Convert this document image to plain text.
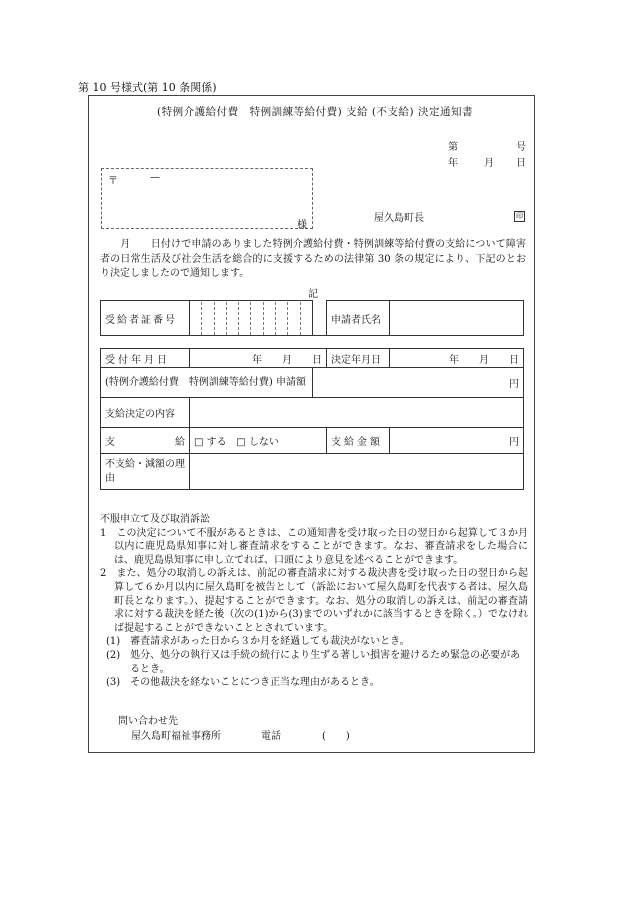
第 10 号様式(第 10 条関係)
(特例介護給付費　特例訓練等給付費) 支給 (不支給) 決定通知書
第	号
年	月 日
〒	—
様
屋久島町長	印
　　月　　日付けで申請のありました特例介護給付費・特例訓練等給付費の支給について障害者の日常生活及び社会生活を総合的に支援するための法律第 30 条の規定により、下記のとおり決定しましたので通知します。
記
受給者証番号			申請者氏名	

受付年月日	年　　月　　日		決定年月日	年　　月　　日
(特例介護給付費　特例訓練等給付費) 申請額		円		
支給決定の内容				
支 給	□ する □ しない		支給金額	円
不支給・減額の理由				
不服申立て及び取消訴訟
1　この決定について不服があるときは、この通知書を受け取った日の翌日から起算して３か月以内に鹿児島県知事に対し審査請求をすることができます。なお、審査請求をした場合には、鹿児島県知事に申し立てれば、口頭により意見を述べることができます。
2　また、処分の取消しの訴えは、前記の審査請求に対する裁決書を受け取った日の翌日から起算して６か月以内に屋久島町を被告として（訴訟において屋久島町を代表する者は、屋久島町長となります。）、提起することができます。なお、処分の取消しの訴えは、前記の審査請求に対する裁決を経た後（次の(1)から(3)までのいずれかに該当するときを除く。）でなければ提起することができないこととされています。
(1)　審査請求があった日から３か月を経過しても裁決がないとき。
(2)　処分、処分の執行又は手続の続行により生ずる著しい損害を避けるため緊急の必要があるとき。
(3)　その他裁決を経ないことにつき正当な理由があるとき。
問い合わせ先
屋久島町福祉事務所	電話	(　　)
